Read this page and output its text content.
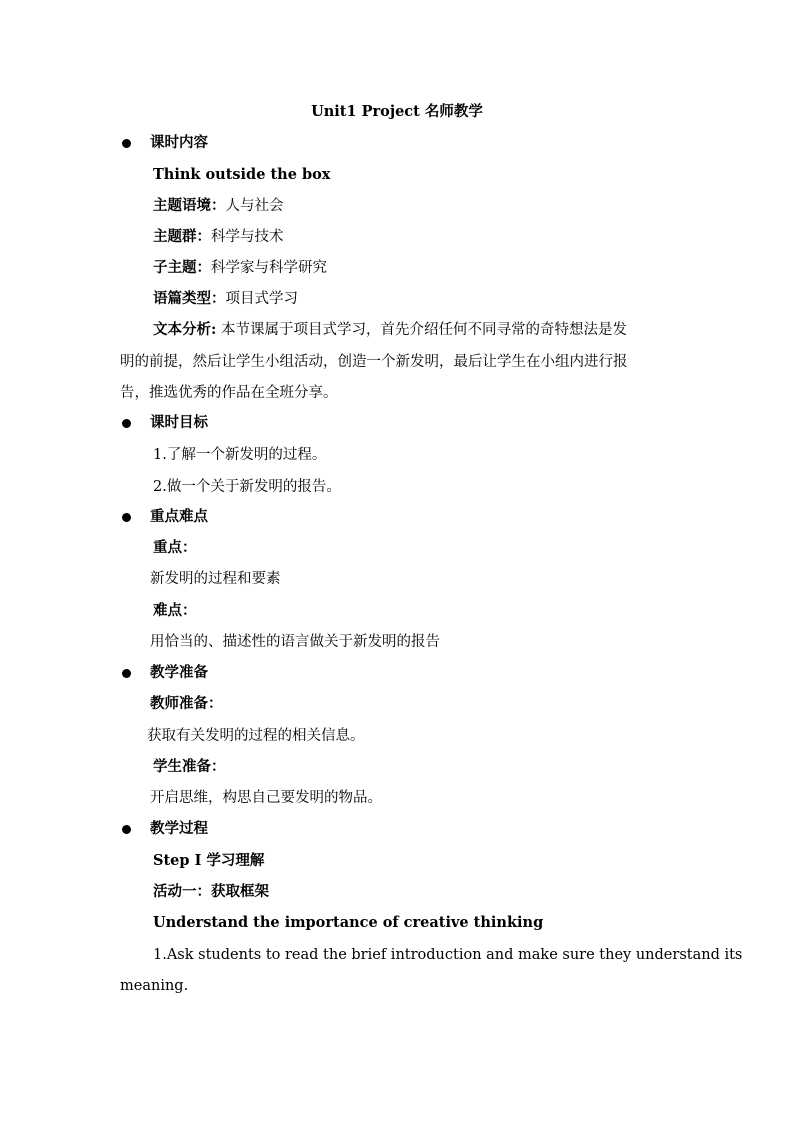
Unit1 Project 名师教学
课时内容
Think outside the box
主题语境：人与社会
主题群：科学与技术
子主题：科学家与科学研究
语篇类型：项目式学习
文本分析: 本节课属于项目式学习，首先介绍任何不同寻常的奇特想法是发
明的前提，然后让学生小组活动，创造一个新发明，最后让学生在小组内进行报
告，推选优秀的作品在全班分享。
课时目标
1.了解一个新发明的过程。
2.做一个关于新发明的报告。
重点难点
重点：
新发明的过程和要素
难点：
用恰当的、描述性的语言做关于新发明的报告
教学准备
教师准备：
获取有关发明的过程的相关信息。
学生准备：
开启思维，构思自己要发明的物品。
教学过程
Step I 学习理解
活动一：获取框架
Understand the importance of creative thinking
1.Ask students to read the brief introduction and make sure they understand its
meaning.
